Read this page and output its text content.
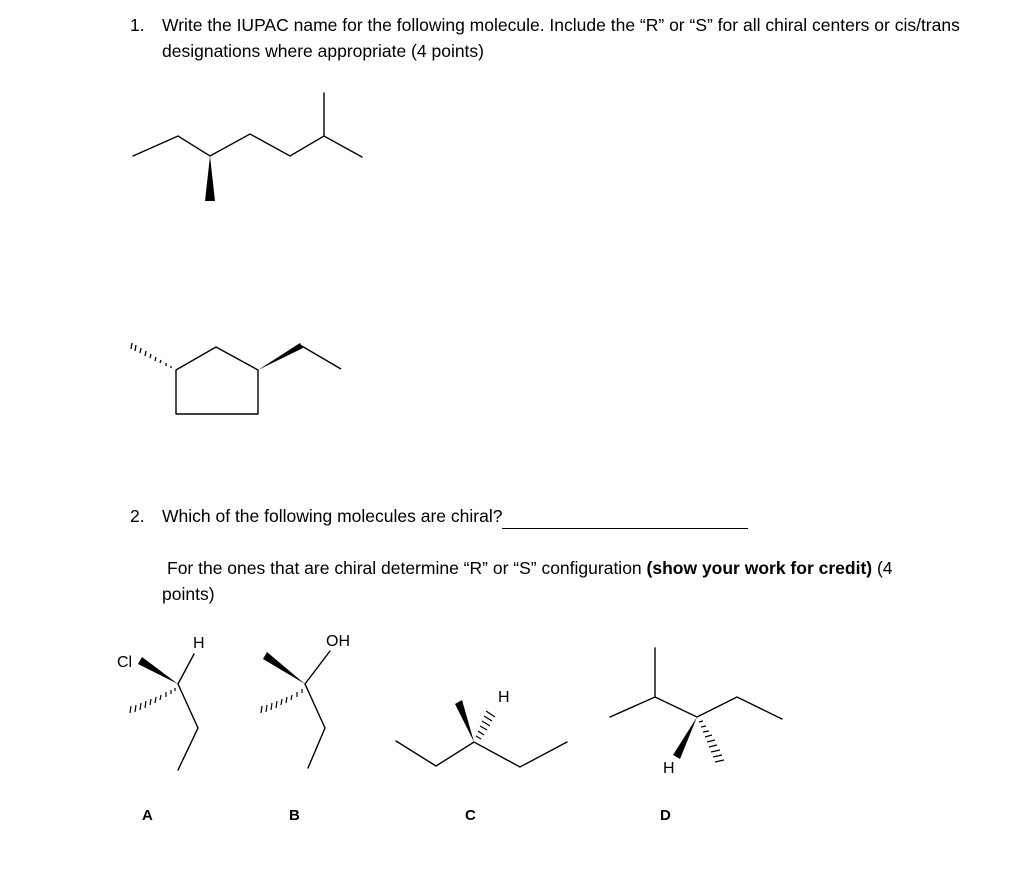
1. Write the IUPAC name for the following molecule. Include the “R” or “S” for all chiral centers or cis/trans designations where appropriate (4 points)
2. Which of the following molecules are chiral?
For the ones that are chiral determine “R” or “S” configuration (show your work for credit) (4 points)
Cl
H
A
OH
B
H
C
H
D
